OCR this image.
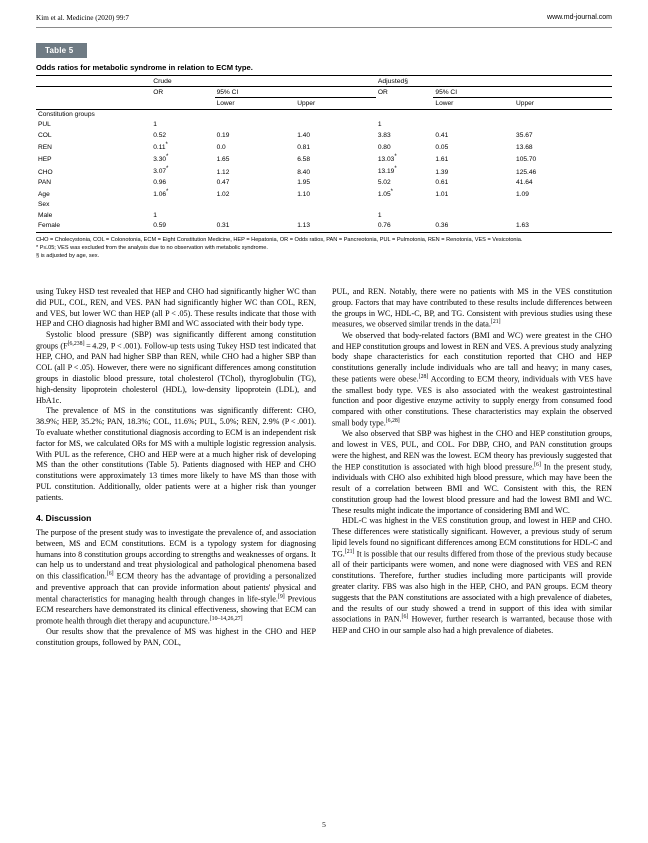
Kim et al. Medicine (2020) 99:7	www.md-journal.com
Table 5
Odds ratios for metabolic syndrome in relation to ECM type.
	Crude			Adjusted§		
	OR	95% CI		OR	95% CI	
		Lower	Upper		Lower	Upper
Constitution groups						
PUL	1			1		
COL	0.52	0.19	1.40	3.83	0.41	35.67
REN	0.11*	0.0	0.81	0.80	0.05	13.68
HEP	3.30*	1.65	6.58	13.03*	1.61	105.70
CHO	3.07*	1.12	8.40	13.19*	1.39	125.46
PAN	0.96	0.47	1.95	5.02	0.61	41.64
Age	1.06*	1.02	1.10	1.05*	1.01	1.09
Sex						
Male	1			1		
Female	0.59	0.31	1.13	0.76	0.36	1.63
CHO = Cholecystonia, COL = Colonotonia, ECM = Eight Constitution Medicine, HEP = Hepatonia, OR = Odds ratios, PAN = Pancreotonia, PUL = Pulmotonia, REN = Renotonia, VES = Vesicotonia.
* P≤.05; VES was excluded from the analysis due to no observation with metabolic syndrome.
§ is adjusted by age, sex.

using Tukey HSD test revealed that HEP and CHO had significantly higher WC than did PUL, COL, REN, and VES. PAN had significantly higher WC than COL, REN, and VES, but lower WC than HEP (all P < .05). These results indicate that those with HEP and CHO diagnosis had higher BMI and WC associated with their body type.

Systolic blood pressure (SBP) was significantly different among constitution groups (F[6,238] = 4.29, P < .001). Follow-up tests using Tukey HSD test indicated that HEP, CHO, and PAN had higher SBP than REN, while CHO had a higher SBP than COL (all P < .05). However, there were no significant differences among constitution groups in diastolic blood pressure, total cholesterol (TChol), thyroglobulin (TG), high-density lipoprotein cholesterol (HDL), low-density lipoprotein (LDL), and HbA1c.

The prevalence of MS in the constitutions was significantly different: CHO, 38.9%; HEP, 35.2%; PAN, 18.3%; COL, 11.6%; PUL, 5.0%; REN, 2.9% (P < .001). To evaluate whether constitutional diagnosis according to ECM is an independent risk factor for MS, we calculated ORs for MS with a multiple logistic regression analysis. With PUL as the reference, CHO and HEP were at a much higher risk of developing MS than the other constitutions (Table 5). Patients diagnosed with HEP and CHO constitutions were approximately 13 times more likely to have MS than those with PUL constitution. Additionally, older patients were at a higher risk than younger patients.

4. Discussion

The purpose of the present study was to investigate the prevalence of, and association between, MS and ECM constitutions. ECM is a typology system for diagnosing humans into 8 constitution groups according to strengths and weaknesses of organs. It can help us to understand and treat physiological and pathological phenomena based on this classification.[6] ECM theory has the advantage of providing a personalized and preventive approach that can provide information about patients' physical and mental characteristics for managing health through changes in life-style.[9] Previous ECM researchers have demonstrated its clinical effectiveness, showing that ECM can promote health through diet therapy and acupuncture.[10–14,26,27]

Our results show that the prevalence of MS was highest in the CHO and HEP constitution groups, followed by PAN, COL,

PUL, and REN. Notably, there were no patients with MS in the VES constitution group. Factors that may have contributed to these results include differences between the groups in WC, HDL-C, BP, and TG. Consistent with previous studies using these measures, we observed similar trends in the data.[21]

We observed that body-related factors (BMI and WC) were greatest in the CHO and HEP constitution groups and lowest in REN and VES. A previous study analyzing body shape characteristics for each constitution reported that CHO and HEP constitutions generally include individuals who are tall and heavy; in many cases, these patients were obese.[28] According to ECM theory, individuals with VES have the smallest body type. VES is also associated with the weakest gastrointestinal function and poor digestive enzyme activity to supply energy from consumed food compared with other constitutions. These characteristics may explain the observed small body type.[6,28]

We also observed that SBP was highest in the CHO and HEP constitution groups, and lowest in VES, PUL, and COL. For DBP, CHO, and PAN constitution groups were the highest, and REN was the lowest. ECM theory has previously suggested that the HEP constitution is associated with high blood pressure.[6] In the present study, individuals with CHO also exhibited high blood pressure, which may have been the result of a correlation between BMI and WC. Consistent with this, the REN constitution group had the lowest blood pressure and had the lowest BMI and WC. These results might indicate the importance of considering BMI and WC.

HDL-C was highest in the VES constitution group, and lowest in HEP and CHO. These differences were statistically significant. However, a previous study of serum lipid levels found no significant differences among ECM constitutions for HDL-C and TG.[21] It is possible that our results differed from those of the previous study because all of their participants were women, and none were diagnosed with VES and REN constitutions. Therefore, further studies including more participants will provide greater clarity. FBS was also high in the HEP, CHO, and PAN groups. ECM theory suggests that the PAN constitutions are associated with a high prevalence of diabetes, and the results of our study showed a trend in support of this idea with similar associations in PAN.[6] However, further research is warranted, because those with HEP and CHO in our sample also had a high prevalence of diabetes.

5
